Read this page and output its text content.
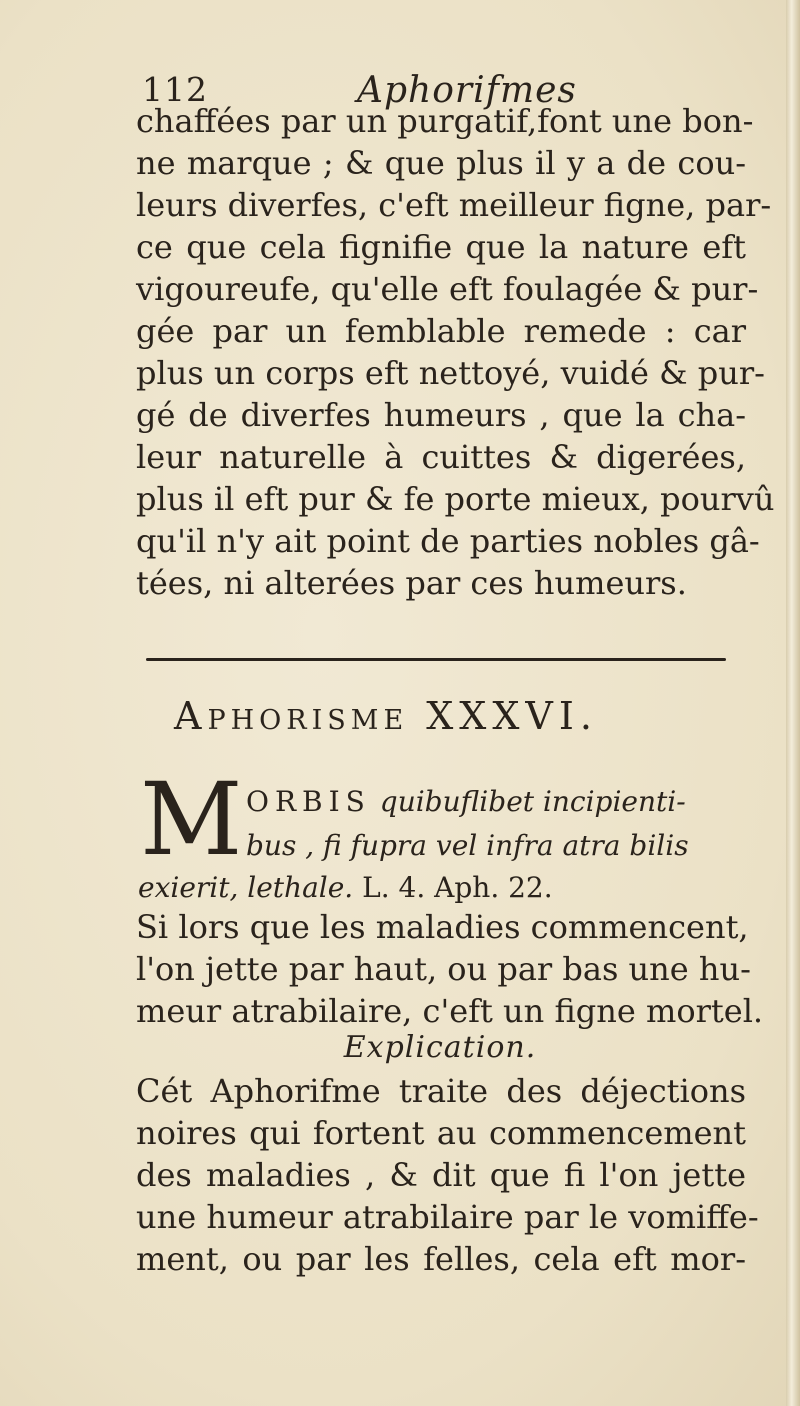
112	Aphorifmes
chaffées par un purgatif,font une bon-
ne marque ; & que plus il y a de cou-
leurs diverfes, c'eft meilleur figne, par-
ce que cela fignifie que la nature eft
vigoureufe, qu'elle eft foulagée & pur-
gée par un femblable remede : car
plus un corps eft nettoyé, vuidé & pur-
gé de diverfes humeurs , que la cha-
leur naturelle à cuittes & digerées,
plus il eft pur & fe porte mieux, pourvû
qu'il n'y ait point de parties nobles gâ-
tées, ni alterées par ces humeurs.
APHORISME XXXVI.
M ORBIS quibuflibet incipienti-
bus , fi fupra vel infra atra bilis
exierit, lethale. L. 4. Aph. 22.
Si lors que les maladies commencent,
l'on jette par haut, ou par bas une hu-
meur atrabilaire, c'eft un figne mortel.
Explication.
Cét Aphorifme traite des déjections
noires qui fortent au commencement
des maladies , & dit que fi l'on jette
une humeur atrabilaire par le vomiffe-
ment, ou par les felles, cela eft mor-
